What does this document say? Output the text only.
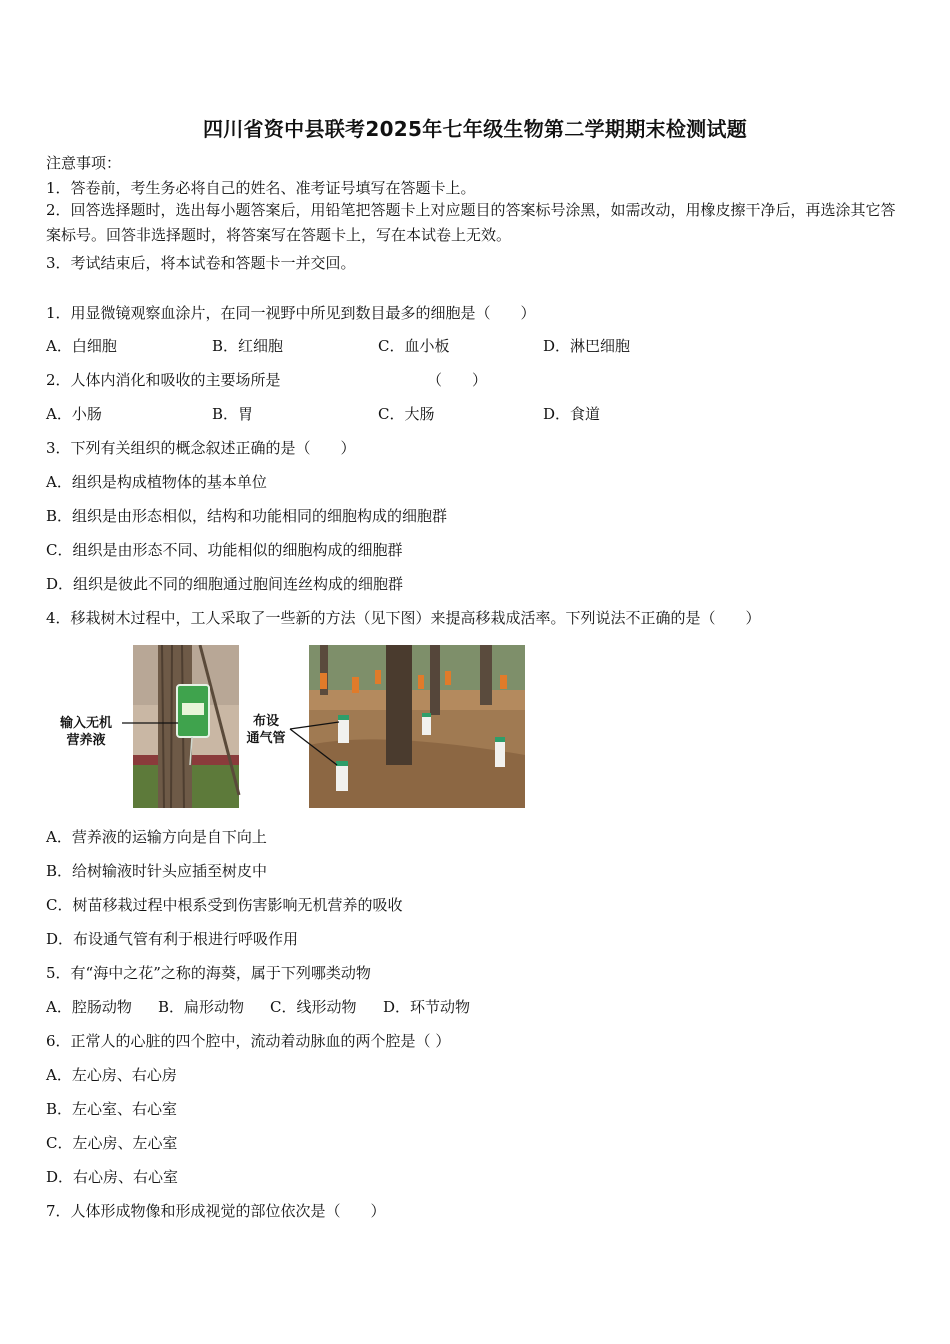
四川省资中县联考2025年七年级生物第二学期期末检测试题
注意事项：
1．答卷前，考生务必将自己的姓名、准考证号填写在答题卡上。
2．回答选择题时，选出每小题答案后，用铅笔把答题卡上对应题目的答案标号涂黑，如需改动，用橡皮擦干净后，再选涂其它答案标号。回答非选择题时，将答案写在答题卡上，写在本试卷上无效。
3．考试结束后，将本试卷和答题卡一并交回。
1．用显微镜观察血涂片，在同一视野中所见到数目最多的细胞是（　　）
A．白细胞	B．红细胞	C．血小板	D．淋巴细胞
2．人体内消化和吸收的主要场所是	（　　）
A．小肠	B．胃	C．大肠	D．食道
3．下列有关组织的概念叙述正确的是（　　）
A．组织是构成植物体的基本单位
B．组织是由形态相似，结构和功能相同的细胞构成的细胞群
C．组织是由形态不同、功能相似的细胞构成的细胞群
D．组织是彼此不同的细胞通过胞间连丝构成的细胞群
4．移栽树木过程中，工人采取了一些新的方法（见下图）来提高移栽成活率。下列说法不正确的是（　　）
输入无机
营养液
布设
通气管
A．营养液的运输方向是自下向上
B．给树输液时针头应插至树皮中
C．树苗移栽过程中根系受到伤害影响无机营养的吸收
D．布设通气管有利于根进行呼吸作用
5．有“海中之花”之称的海葵，属于下列哪类动物
A．腔肠动物 B．扁形动物 C．线形动物 D．环节动物
6．正常人的心脏的四个腔中，流动着动脉血的两个腔是（ ）
A．左心房、右心房
B．左心室、右心室
C．左心房、左心室
D．右心房、右心室
7．人体形成物像和形成视觉的部位依次是（　　）
